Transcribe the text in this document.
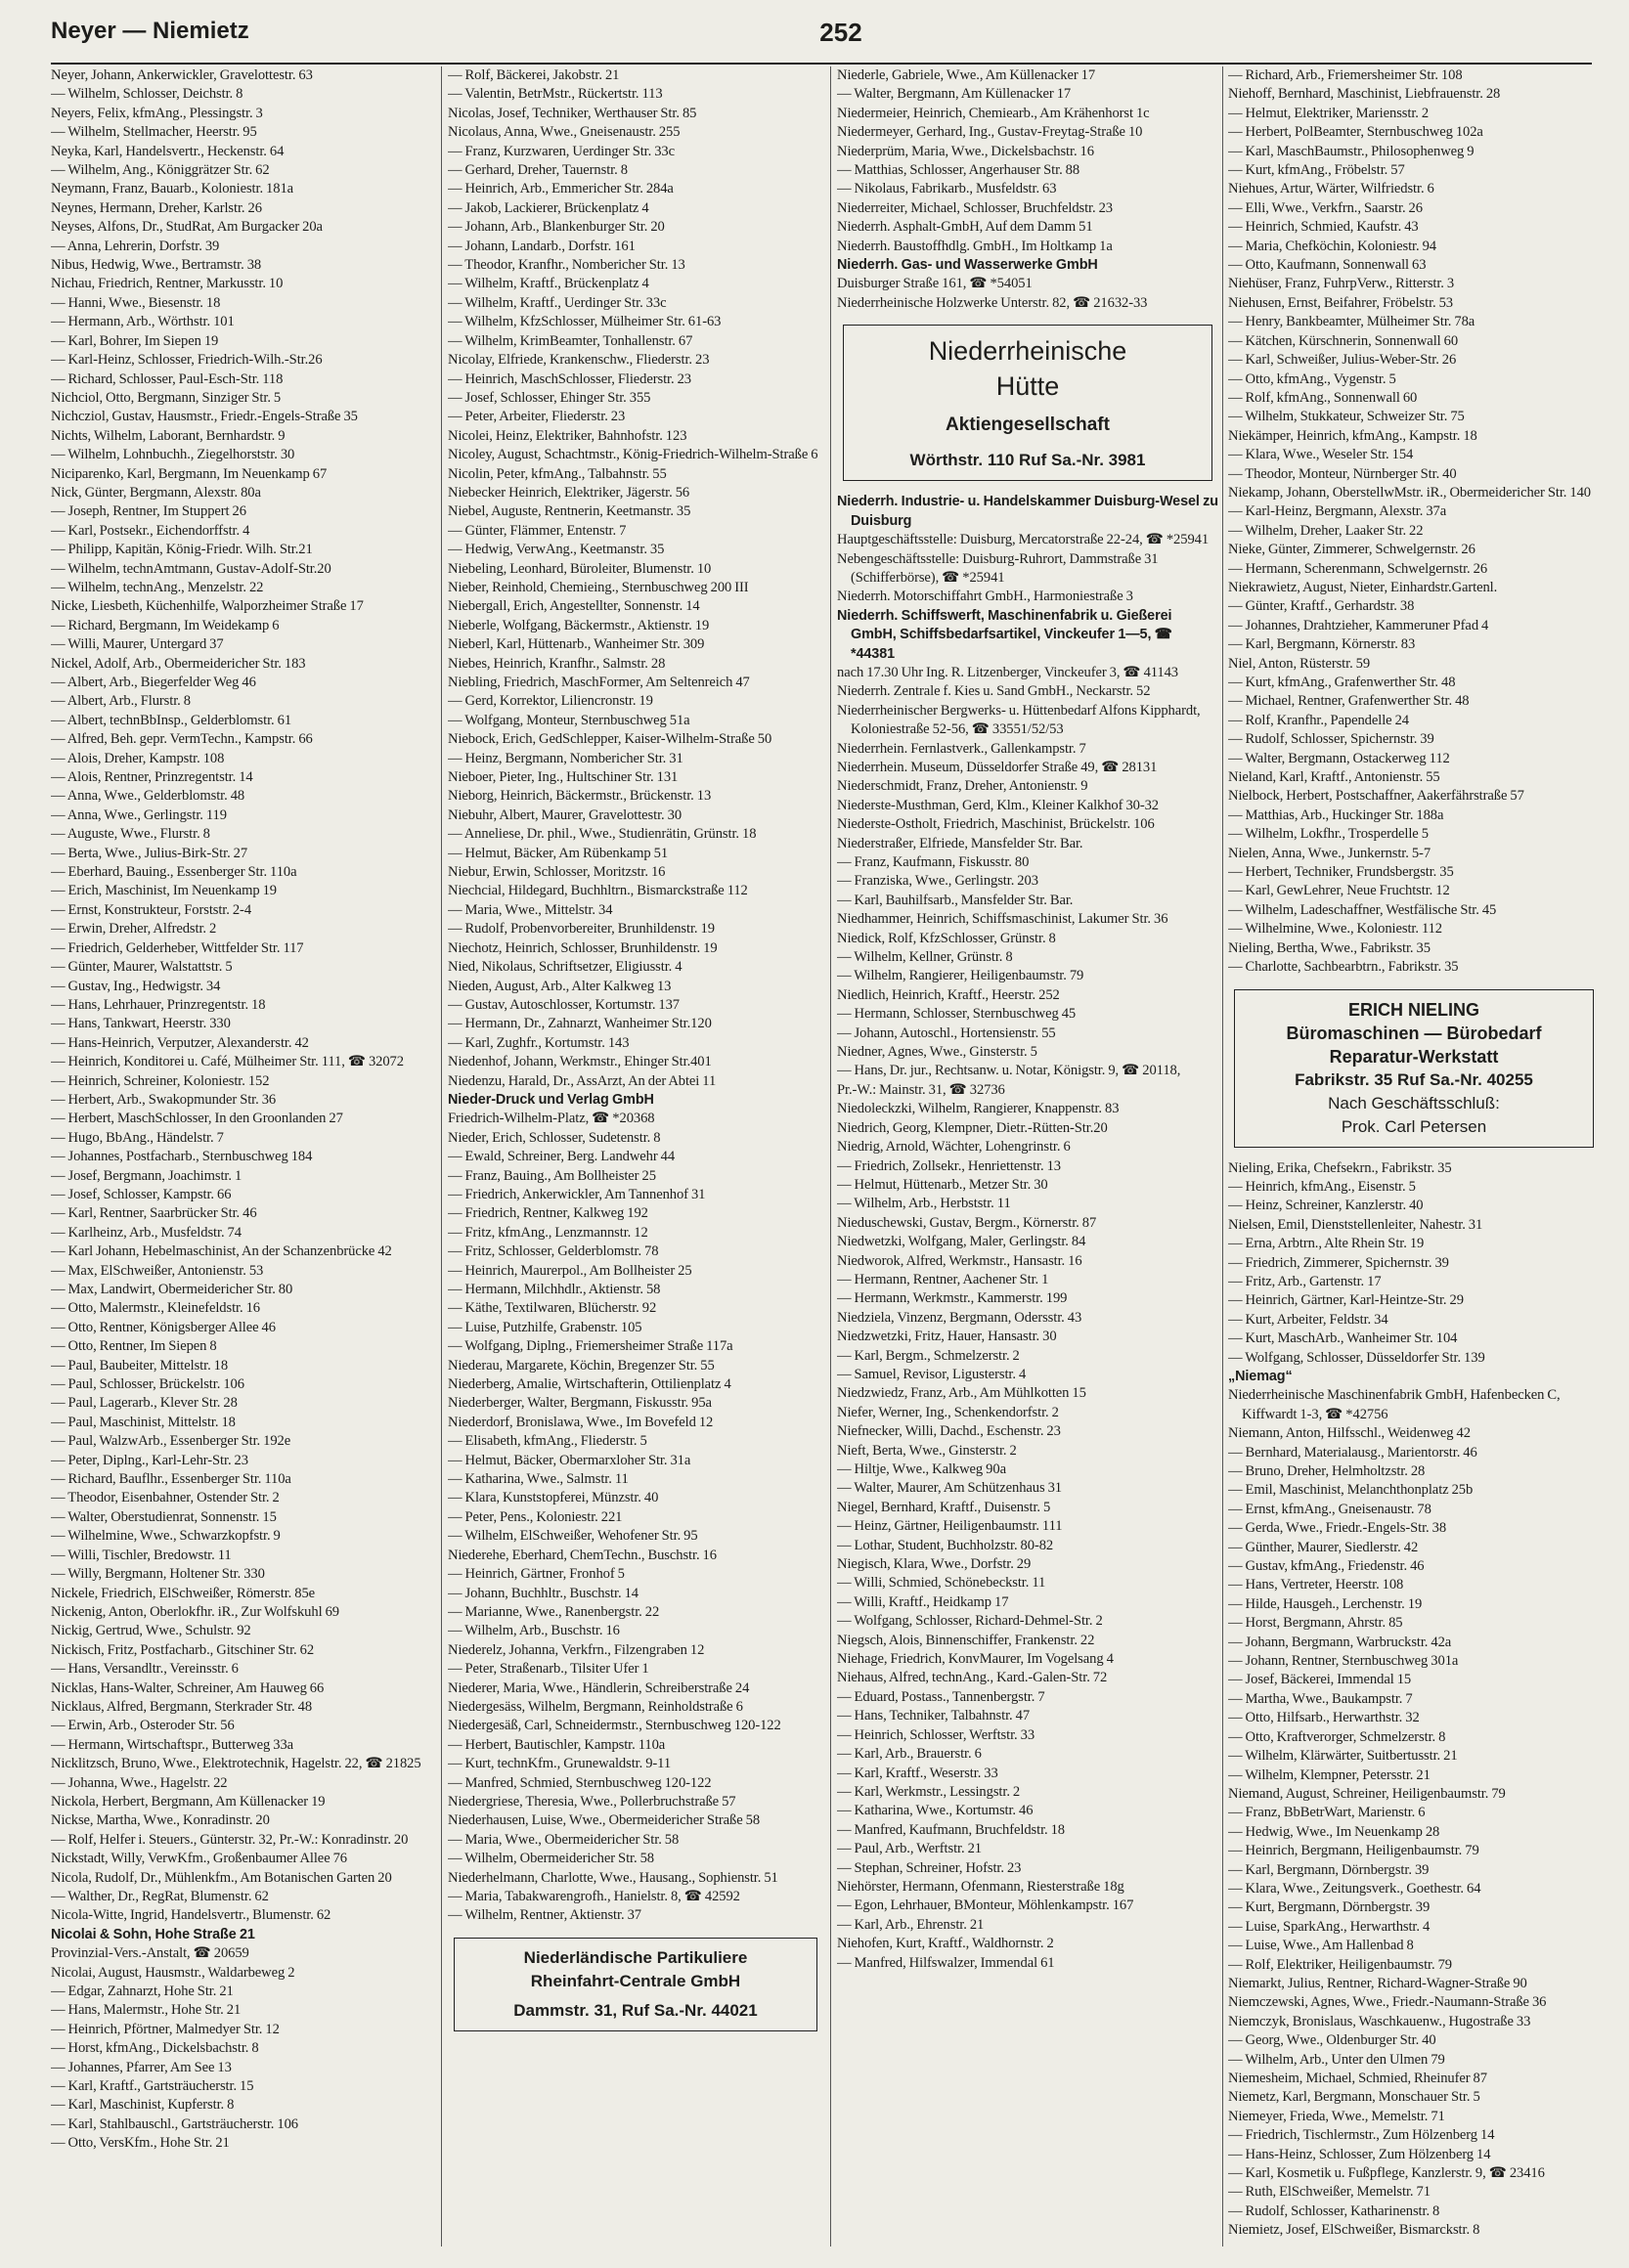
Neyer — Niemietz	252

Neyer, Johann, Ankerwickler, Gravelottestr. 63

— Wilhelm, Schlosser, Deichstr. 8

Neyers, Felix, kfmAng., Plessingstr. 3

— Wilhelm, Stellmacher, Heerstr. 95

Neyka, Karl, Handelsvertr., Heckenstr. 64

— Wilhelm, Ang., Königgrätzer Str. 62

Neymann, Franz, Bauarb., Koloniestr. 181a

Neynes, Hermann, Dreher, Karlstr. 26

Neyses, Alfons, Dr., StudRat, Am Burgacker 20a

— Anna, Lehrerin, Dorfstr. 39

Nibus, Hedwig, Wwe., Bertramstr. 38

Nichau, Friedrich, Rentner, Markusstr. 10

— Hanni, Wwe., Biesenstr. 18

— Hermann, Arb., Wörthstr. 101

— Karl, Bohrer, Im Siepen 19

— Karl-Heinz, Schlosser, Friedrich-Wilh.-Str.26

— Richard, Schlosser, Paul-Esch-Str. 118

Nichciol, Otto, Bergmann, Sinziger Str. 5

Nichcziol, Gustav, Hausmstr., Friedr.-Engels-Straße 35

Nichts, Wilhelm, Laborant, Bernhardstr. 9

— Wilhelm, Lohnbuchh., Ziegelhorststr. 30

Niciparenko, Karl, Bergmann, Im Neuenkamp 67

Nick, Günter, Bergmann, Alexstr. 80a

— Joseph, Rentner, Im Stuppert 26

— Karl, Postsekr., Eichendorffstr. 4

— Philipp, Kapitän, König-Friedr. Wilh. Str.21

— Wilhelm, technAmtmann, Gustav-Adolf-Str.20

— Wilhelm, technAng., Menzelstr. 22

Nicke, Liesbeth, Küchenhilfe, Walporzheimer Straße 17

— Richard, Bergmann, Im Weidekamp 6

— Willi, Maurer, Untergard 37

Nickel, Adolf, Arb., Obermeidericher Str. 183

— Albert, Arb., Biegerfelder Weg 46

— Albert, Arb., Flurstr. 8

— Albert, technBbInsp., Gelderblomstr. 61

— Alfred, Beh. gepr. VermTechn., Kampstr. 66

— Alois, Dreher, Kampstr. 108

— Alois, Rentner, Prinzregentstr. 14

— Anna, Wwe., Gelderblomstr. 48

— Anna, Wwe., Gerlingstr. 119

— Auguste, Wwe., Flurstr. 8

— Berta, Wwe., Julius-Birk-Str. 27

— Eberhard, Bauing., Essenberger Str. 110a

— Erich, Maschinist, Im Neuenkamp 19

— Ernst, Konstrukteur, Forststr. 2-4

— Erwin, Dreher, Alfredstr. 2

— Friedrich, Gelderheber, Wittfelder Str. 117

— Günter, Maurer, Walstattstr. 5

— Gustav, Ing., Hedwigstr. 34

— Hans, Lehrhauer, Prinzregentstr. 18

— Hans, Tankwart, Heerstr. 330

— Hans-Heinrich, Verputzer, Alexanderstr. 42

— Heinrich, Konditorei u. Café, Mülheimer Str. 111, ☎ 32072

— Heinrich, Schreiner, Koloniestr. 152

— Herbert, Arb., Swakopmunder Str. 36

— Herbert, MaschSchlosser, In den Groonlanden 27

— Hugo, BbAng., Händelstr. 7

— Johannes, Postfacharb., Sternbuschweg 184

— Josef, Bergmann, Joachimstr. 1

— Josef, Schlosser, Kampstr. 66

— Karl, Rentner, Saarbrücker Str. 46

— Karlheinz, Arb., Musfeldstr. 74

— Karl Johann, Hebelmaschinist, An der Schanzenbrücke 42

— Max, ElSchweißer, Antonienstr. 53

— Max, Landwirt, Obermeidericher Str. 80

— Otto, Malermstr., Kleinefeldstr. 16

— Otto, Rentner, Königsberger Allee 46

— Otto, Rentner, Im Siepen 8

— Paul, Baubeiter, Mittelstr. 18

— Paul, Schlosser, Brückelstr. 106

— Paul, Lagerarb., Klever Str. 28

— Paul, Maschinist, Mittelstr. 18

— Paul, WalzwArb., Essenberger Str. 192e

— Peter, Diplng., Karl-Lehr-Str. 23

— Richard, Bauflhr., Essenberger Str. 110a

— Theodor, Eisenbahner, Ostender Str. 2

— Walter, Oberstudienrat, Sonnenstr. 15

— Wilhelmine, Wwe., Schwarzkopfstr. 9

— Willi, Tischler, Bredowstr. 11

— Willy, Bergmann, Holtener Str. 330

Nickele, Friedrich, ElSchweißer, Römerstr. 85e

Nickenig, Anton, Oberlokfhr. iR., Zur Wolfskuhl 69

Nickig, Gertrud, Wwe., Schulstr. 92

Nickisch, Fritz, Postfacharb., Gitschiner Str. 62

— Hans, Versandltr., Vereinsstr. 6

Nicklas, Hans-Walter, Schreiner, Am Hauweg 66

Nicklaus, Alfred, Bergmann, Sterkrader Str. 48

— Erwin, Arb., Osteroder Str. 56

— Hermann, Wirtschaftspr., Butterweg 33a

Nicklitzsch, Bruno, Wwe., Elektrotechnik, Hagelstr. 22, ☎ 21825

— Johanna, Wwe., Hagelstr. 22

Nickola, Herbert, Bergmann, Am Küllenacker 19

Nickse, Martha, Wwe., Konradinstr. 20

— Rolf, Helfer i. Steuers., Günterstr. 32, Pr.-W.: Konradinstr. 20

Nickstadt, Willy, VerwKfm., Großenbaumer Allee 76

Nicola, Rudolf, Dr., Mühlenkfm., Am Botanischen Garten 20

— Walther, Dr., RegRat, Blumenstr. 62

Nicola-Witte, Ingrid, Handelsvertr., Blumenstr. 62

Nicolai & Sohn, Hohe Straße 21

Provinzial-Vers.-Anstalt, ☎ 20659

Nicolai, August, Hausmstr., Waldarbeweg 2

— Edgar, Zahnarzt, Hohe Str. 21

— Hans, Malermstr., Hohe Str. 21

— Heinrich, Pförtner, Malmedyer Str. 12

— Horst, kfmAng., Dickelsbachstr. 8

— Johannes, Pfarrer, Am See 13

— Karl, Kraftf., Gartsträucherstr. 15

— Karl, Maschinist, Kupferstr. 8

— Karl, Stahlbauschl., Gartsträucherstr. 106

— Otto, VersKfm., Hohe Str. 21

— Rolf, Bäckerei, Jakobstr. 21

— Valentin, BetrMstr., Rückertstr. 113

Nicolas, Josef, Techniker, Werthauser Str. 85

Nicolaus, Anna, Wwe., Gneisenaustr. 255

— Franz, Kurzwaren, Uerdinger Str. 33c

— Gerhard, Dreher, Tauernstr. 8

— Heinrich, Arb., Emmericher Str. 284a

— Jakob, Lackierer, Brückenplatz 4

— Johann, Arb., Blankenburger Str. 20

— Johann, Landarb., Dorfstr. 161

— Theodor, Kranfhr., Nombericher Str. 13

— Wilhelm, Kraftf., Brückenplatz 4

— Wilhelm, Kraftf., Uerdinger Str. 33c

— Wilhelm, KfzSchlosser, Mülheimer Str. 61-63

— Wilhelm, KrimBeamter, Tonhallenstr. 67

Nicolay, Elfriede, Krankenschw., Fliederstr. 23

— Heinrich, MaschSchlosser, Fliederstr. 23

— Josef, Schlosser, Ehinger Str. 355

— Peter, Arbeiter, Fliederstr. 23

Nicolei, Heinz, Elektriker, Bahnhofstr. 123

Nicoley, August, Schachtmstr., König-Friedrich-Wilhelm-Straße 6

Nicolin, Peter, kfmAng., Talbahnstr. 55

Niebecker Heinrich, Elektriker, Jägerstr. 56

Niebel, Auguste, Rentnerin, Keetmanstr. 35

— Günter, Flämmer, Entenstr. 7

— Hedwig, VerwAng., Keetmanstr. 35

Niebeling, Leonhard, Büroleiter, Blumenstr. 10

Nieber, Reinhold, Chemieing., Sternbuschweg 200 III

Niebergall, Erich, Angestellter, Sonnenstr. 14

Nieberle, Wolfgang, Bäckermstr., Aktienstr. 19

Nieberl, Karl, Hüttenarb., Wanheimer Str. 309

Niebes, Heinrich, Kranfhr., Salmstr. 28

Niebling, Friedrich, MaschFormer, Am Seltenreich 47

— Gerd, Korrektor, Liliencronstr. 19

— Wolfgang, Monteur, Sternbuschweg 51a

Niebock, Erich, GedSchlepper, Kaiser-Wilhelm-Straße 50

— Heinz, Bergmann, Nombericher Str. 31

Nieboer, Pieter, Ing., Hultschiner Str. 131

Nieborg, Heinrich, Bäckermstr., Brückenstr. 13

Niebuhr, Albert, Maurer, Gravelottestr. 30

— Anneliese, Dr. phil., Wwe., Studienrätin, Grünstr. 18

— Helmut, Bäcker, Am Rübenkamp 51

Niebur, Erwin, Schlosser, Moritzstr. 16

Niechcial, Hildegard, Buchhltrn., Bismarckstraße 112

— Maria, Wwe., Mittelstr. 34

— Rudolf, Probenvorbereiter, Brunhildenstr. 19

Niechotz, Heinrich, Schlosser, Brunhildenstr. 19

Nied, Nikolaus, Schriftsetzer, Eligiusstr. 4

Nieden, August, Arb., Alter Kalkweg 13

— Gustav, Autoschlosser, Kortumstr. 137

— Hermann, Dr., Zahnarzt, Wanheimer Str.120

— Karl, Zughfr., Kortumstr. 143

Niedenhof, Johann, Werkmstr., Ehinger Str.401

Niedenzu, Harald, Dr., AssArzt, An der Abtei 11

Nieder-Druck und Verlag GmbH

Friedrich-Wilhelm-Platz, ☎ *20368

Nieder, Erich, Schlosser, Sudetenstr. 8

— Ewald, Schreiner, Berg. Landwehr 44

— Franz, Bauing., Am Bollheister 25

— Friedrich, Ankerwickler, Am Tannenhof 31

— Friedrich, Rentner, Kalkweg 192

— Fritz, kfmAng., Lenzmannstr. 12

— Fritz, Schlosser, Gelderblomstr. 78

— Heinrich, Maurerpol., Am Bollheister 25

— Hermann, Milchhdlr., Aktienstr. 58

— Käthe, Textilwaren, Blücherstr. 92

— Luise, Putzhilfe, Grabenstr. 105

— Wolfgang, Diplng., Friemersheimer Straße 117a

Niederau, Margarete, Köchin, Bregenzer Str. 55

Niederberg, Amalie, Wirtschafterin, Ottilienplatz 4

Niederberger, Walter, Bergmann, Fiskusstr. 95a

Niederdorf, Bronislawa, Wwe., Im Bovefeld 12

— Elisabeth, kfmAng., Fliederstr. 5

— Helmut, Bäcker, Obermarxloher Str. 31a

— Katharina, Wwe., Salmstr. 11

— Klara, Kunststopferei, Münzstr. 40

— Peter, Pens., Koloniestr. 221

— Wilhelm, ElSchweißer, Wehofener Str. 95

Niederehe, Eberhard, ChemTechn., Buschstr. 16

— Heinrich, Gärtner, Fronhof 5

— Johann, Buchhltr., Buschstr. 14

— Marianne, Wwe., Ranenbergstr. 22

— Wilhelm, Arb., Buschstr. 16

Niederelz, Johanna, Verkfrn., Filzengraben 12

— Peter, Straßenarb., Tilsiter Ufer 1

Niederer, Maria, Wwe., Händlerin, Schreiberstraße 24

Niedergesäss, Wilhelm, Bergmann, Reinholdstraße 6

Niedergesäß, Carl, Schneidermstr., Sternbuschweg 120-122

— Herbert, Bautischler, Kampstr. 110a

— Kurt, technKfm., Grunewaldstr. 9-11

— Manfred, Schmied, Sternbuschweg 120-122

Niedergriese, Theresia, Wwe., Pollerbruchstraße 57

Niederhausen, Luise, Wwe., Obermeidericher Straße 58

— Maria, Wwe., Obermeidericher Str. 58

— Wilhelm, Obermeidericher Str. 58

Niederhelmann, Charlotte, Wwe., Hausang., Sophienstr. 51

— Maria, Tabakwarengrofh., Hanielstr. 8, ☎ 42592

— Wilhelm, Rentner, Aktienstr. 37

Niederländische Partikuliere
Rheinfahrt-Centrale GmbH
Dammstr. 31, Ruf Sa.-Nr. 44021

Niederle, Gabriele, Wwe., Am Küllenacker 17

— Walter, Bergmann, Am Küllenacker 17

Niedermeier, Heinrich, Chemiearb., Am Krähenhorst 1c

Niedermeyer, Gerhard, Ing., Gustav-Freytag-Straße 10

Niederprüm, Maria, Wwe., Dickelsbachstr. 16

— Matthias, Schlosser, Angerhauser Str. 88

— Nikolaus, Fabrikarb., Musfeldstr. 63

Niederreiter, Michael, Schlosser, Bruchfeldstr. 23

Niederrh. Asphalt-GmbH, Auf dem Damm 51

Niederrh. Baustoffhdlg. GmbH., Im Holtkamp 1a

Niederrh. Gas- und Wasserwerke GmbH

Duisburger Straße 161, ☎ *54051

Niederrheinische Holzwerke Unterstr. 82, ☎ 21632-33

Niederrheinische
Hütte
Aktiengesellschaft
Wörthstr. 110 Ruf Sa.-Nr. 3981

Niederrh. Industrie- u. Handelskammer Duisburg-Wesel zu Duisburg

Hauptgeschäftsstelle: Duisburg, Mercatorstraße 22-24, ☎ *25941

Nebengeschäftsstelle: Duisburg-Ruhrort, Dammstraße 31 (Schifferbörse), ☎ *25941

Niederrh. Motorschiffahrt GmbH., Harmoniestraße 3

Niederrh. Schiffswerft, Maschinenfabrik u. Gießerei GmbH, Schiffsbedarfsartikel, Vinckeufer 1—5, ☎ *44381

nach 17.30 Uhr Ing. R. Litzenberger, Vinckeufer 3, ☎ 41143

Niederrh. Zentrale f. Kies u. Sand GmbH., Neckarstr. 52

Niederrheinischer Bergwerks- u. Hüttenbedarf Alfons Kipphardt, Koloniestraße 52-56, ☎ 33551/52/53

Niederrhein. Fernlastverk., Gallenkampstr. 7

Niederrhein. Museum, Düsseldorfer Straße 49, ☎ 28131

Niederschmidt, Franz, Dreher, Antonienstr. 9

Niederste-Musthman, Gerd, Klm., Kleiner Kalkhof 30-32

Niederste-Ostholt, Friedrich, Maschinist, Brückelstr. 106

Niederstraßer, Elfriede, Mansfelder Str. Bar.

— Franz, Kaufmann, Fiskusstr. 80

— Franziska, Wwe., Gerlingstr. 203

— Karl, Bauhilfsarb., Mansfelder Str. Bar.

Niedhammer, Heinrich, Schiffsmaschinist, Lakumer Str. 36

Niedick, Rolf, KfzSchlosser, Grünstr. 8

— Wilhelm, Kellner, Grünstr. 8

— Wilhelm, Rangierer, Heiligenbaumstr. 79

Niedlich, Heinrich, Kraftf., Heerstr. 252

— Hermann, Schlosser, Sternbuschweg 45

— Johann, Autoschl., Hortensienstr. 55

Niedner, Agnes, Wwe., Ginsterstr. 5

— Hans, Dr. jur., Rechtsanw. u. Notar, Königstr. 9, ☎ 20118,

Pr.-W.: Mainstr. 31, ☎ 32736

Niedoleckzki, Wilhelm, Rangierer, Knappenstr. 83

Niedrich, Georg, Klempner, Dietr.-Rütten-Str.20

Niedrig, Arnold, Wächter, Lohengrinstr. 6

— Friedrich, Zollsekr., Henriettenstr. 13

— Helmut, Hüttenarb., Metzer Str. 30

— Wilhelm, Arb., Herbststr. 11

Nieduschewski, Gustav, Bergm., Körnerstr. 87

Niedwetzki, Wolfgang, Maler, Gerlingstr. 84

Niedworok, Alfred, Werkmstr., Hansastr. 16

— Hermann, Rentner, Aachener Str. 1

— Hermann, Werkmstr., Kammerstr. 199

Niedziela, Vinzenz, Bergmann, Odersstr. 43

Niedzwetzki, Fritz, Hauer, Hansastr. 30

— Karl, Bergm., Schmelzerstr. 2

— Samuel, Revisor, Ligusterstr. 4

Niedzwiedz, Franz, Arb., Am Mühlkotten 15

Niefer, Werner, Ing., Schenkendorfstr. 2

Niefnecker, Willi, Dachd., Eschenstr. 23

Nieft, Berta, Wwe., Ginsterstr. 2

— Hiltje, Wwe., Kalkweg 90a

— Walter, Maurer, Am Schützenhaus 31

Niegel, Bernhard, Kraftf., Duisenstr. 5

— Heinz, Gärtner, Heiligenbaumstr. 111

— Lothar, Student, Buchholzstr. 80-82

Niegisch, Klara, Wwe., Dorfstr. 29

— Willi, Schmied, Schönebeckstr. 11

— Willi, Kraftf., Heidkamp 17

— Wolfgang, Schlosser, Richard-Dehmel-Str. 2

Niegsch, Alois, Binnenschiffer, Frankenstr. 22

Niehage, Friedrich, KonvMaurer, Im Vogelsang 4

Niehaus, Alfred, technAng., Kard.-Galen-Str. 72

— Eduard, Postass., Tannenbergstr. 7

— Hans, Techniker, Talbahnstr. 47

— Heinrich, Schlosser, Werftstr. 33

— Karl, Arb., Brauerstr. 6

— Karl, Kraftf., Weserstr. 33

— Karl, Werkmstr., Lessingstr. 2

— Katharina, Wwe., Kortumstr. 46

— Manfred, Kaufmann, Bruchfeldstr. 18

— Paul, Arb., Werftstr. 21

— Stephan, Schreiner, Hofstr. 23

Niehörster, Hermann, Ofenmann, Riesterstraße 18g

— Egon, Lehrhauer, BMonteur, Möhlenkampstr. 167

— Karl, Arb., Ehrenstr. 21

Niehofen, Kurt, Kraftf., Waldhornstr. 2

— Manfred, Hilfswalzer, Immendal 61

— Richard, Arb., Friemersheimer Str. 108

Niehoff, Bernhard, Maschinist, Liebfrauenstr. 28

— Helmut, Elektriker, Mariensstr. 2

— Herbert, PolBeamter, Sternbuschweg 102a

— Karl, MaschBaumstr., Philosophenweg 9

— Kurt, kfmAng., Fröbelstr. 57

Niehues, Artur, Wärter, Wilfriedstr. 6

— Elli, Wwe., Verkfrn., Saarstr. 26

— Heinrich, Schmied, Kaufstr. 43

— Maria, Chefköchin, Koloniestr. 94

— Otto, Kaufmann, Sonnenwall 63

Niehüser, Franz, FuhrpVerw., Ritterstr. 3

Niehusen, Ernst, Beifahrer, Fröbelstr. 53

— Henry, Bankbeamter, Mülheimer Str. 78a

— Kätchen, Kürschnerin, Sonnenwall 60

— Karl, Schweißer, Julius-Weber-Str. 26

— Otto, kfmAng., Vygenstr. 5

— Rolf, kfmAng., Sonnenwall 60

— Wilhelm, Stukkateur, Schweizer Str. 75

Niekämper, Heinrich, kfmAng., Kampstr. 18

— Klara, Wwe., Weseler Str. 154

— Theodor, Monteur, Nürnberger Str. 40

Niekamp, Johann, OberstellwMstr. iR., Obermeidericher Str. 140

— Karl-Heinz, Bergmann, Alexstr. 37a

— Wilhelm, Dreher, Laaker Str. 22

Nieke, Günter, Zimmerer, Schwelgernstr. 26

— Hermann, Scherenmann, Schwelgernstr. 26

Niekrawietz, August, Nieter, Einhardstr.Gartenl.

— Günter, Kraftf., Gerhardstr. 38

— Johannes, Drahtzieher, Kammeruner Pfad 4

— Karl, Bergmann, Körnerstr. 83

Niel, Anton, Rüsterstr. 59

— Kurt, kfmAng., Grafenwerther Str. 48

— Michael, Rentner, Grafenwerther Str. 48

— Rolf, Kranfhr., Papendelle 24

— Rudolf, Schlosser, Spichernstr. 39

— Walter, Bergmann, Ostackerweg 112

Nieland, Karl, Kraftf., Antonienstr. 55

Nielbock, Herbert, Postschaffner, Aakerfährstraße 57

— Matthias, Arb., Huckinger Str. 188a

— Wilhelm, Lokfhr., Trosperdelle 5

Nielen, Anna, Wwe., Junkernstr. 5-7

— Herbert, Techniker, Frundsbergstr. 35

— Karl, GewLehrer, Neue Fruchtstr. 12

— Wilhelm, Ladeschaffner, Westfälische Str. 45

— Wilhelmine, Wwe., Koloniestr. 112

Nieling, Bertha, Wwe., Fabrikstr. 35

— Charlotte, Sachbearbtrn., Fabrikstr. 35

ERICH NIELING
Büromaschinen — Bürobedarf
Reparatur-Werkstatt
Fabrikstr. 35 Ruf Sa.-Nr. 40255
Nach Geschäftsschluß:
Prok. Carl Petersen

Nieling, Erika, Chefsekrn., Fabrikstr. 35

— Heinrich, kfmAng., Eisenstr. 5

— Heinz, Schreiner, Kanzlerstr. 40

Nielsen, Emil, Dienststellenleiter, Nahestr. 31

— Erna, Arbtrn., Alte Rhein Str. 19

— Friedrich, Zimmerer, Spichernstr. 39

— Fritz, Arb., Gartenstr. 17

— Heinrich, Gärtner, Karl-Heintze-Str. 29

— Kurt, Arbeiter, Feldstr. 34

— Kurt, MaschArb., Wanheimer Str. 104

— Wolfgang, Schlosser, Düsseldorfer Str. 139

„Niemag“

Niederrheinische Maschinenfabrik GmbH, Hafenbecken C, Kiffwardt 1-3, ☎ *42756

Niemann, Anton, Hilfsschl., Weidenweg 42

— Bernhard, Materialausg., Marientorstr. 46

— Bruno, Dreher, Helmholtzstr. 28

— Emil, Maschinist, Melanchthonplatz 25b

— Ernst, kfmAng., Gneisenaustr. 78

— Gerda, Wwe., Friedr.-Engels-Str. 38

— Günther, Maurer, Siedlerstr. 42

— Gustav, kfmAng., Friedenstr. 46

— Hans, Vertreter, Heerstr. 108

— Hilde, Hausgeh., Lerchenstr. 19

— Horst, Bergmann, Ahrstr. 85

— Johann, Bergmann, Warbruckstr. 42a

— Johann, Rentner, Sternbuschweg 301a

— Josef, Bäckerei, Immendal 15

— Martha, Wwe., Baukampstr. 7

— Otto, Hilfsarb., Herwarthstr. 32

— Otto, Kraftverorger, Schmelzerstr. 8

— Wilhelm, Klärwärter, Suitbertusstr. 21

— Wilhelm, Klempner, Petersstr. 21

Niemand, August, Schreiner, Heiligenbaumstr. 79

— Franz, BbBetrWart, Marienstr. 6

— Hedwig, Wwe., Im Neuenkamp 28

— Heinrich, Bergmann, Heiligenbaumstr. 79

— Karl, Bergmann, Dörnbergstr. 39

— Klara, Wwe., Zeitungsverk., Goethestr. 64

— Kurt, Bergmann, Dörnbergstr. 39

— Luise, SparkAng., Herwarthstr. 4

— Luise, Wwe., Am Hallenbad 8

— Rolf, Elektriker, Heiligenbaumstr. 79

Niemarkt, Julius, Rentner, Richard-Wagner-Straße 90

Niemczewski, Agnes, Wwe., Friedr.-Naumann-Straße 36

Niemczyk, Bronislaus, Waschkauenw., Hugostraße 33

— Georg, Wwe., Oldenburger Str. 40

— Wilhelm, Arb., Unter den Ulmen 79

Niemesheim, Michael, Schmied, Rheinufer 87

Niemetz, Karl, Bergmann, Monschauer Str. 5

Niemeyer, Frieda, Wwe., Memelstr. 71

— Friedrich, Tischlermstr., Zum Hölzenberg 14

— Hans-Heinz, Schlosser, Zum Hölzenberg 14

— Karl, Kosmetik u. Fußpflege, Kanzlerstr. 9, ☎ 23416

— Ruth, ElSchweißer, Memelstr. 71

— Rudolf, Schlosser, Katharinenstr. 8

Niemietz, Josef, ElSchweißer, Bismarckstr. 8
